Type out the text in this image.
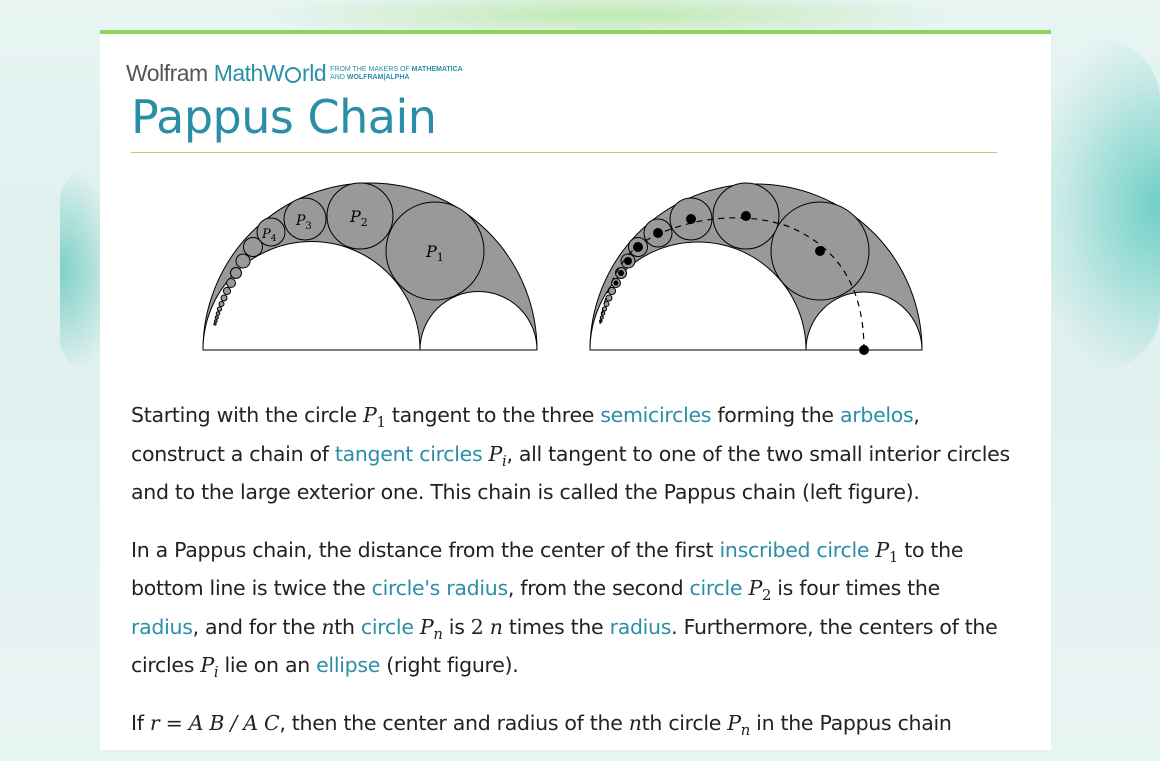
Wolfram MathW rld FROM THE MAKERS OF MATHEMATICA
AND WOLFRAM|ALPHA
Pappus Chain
$P_1$
$P_2$
$P_3$
$P_4$

Starting with the circle $P_1$ tangent to the three semicircles forming the arbelos, construct a chain of tangent circles $P_i$, all tangent to one of the two small interior circles and to the large exterior one. This chain is called the Pappus chain (left figure).

In a Pappus chain, the distance from the center of the first inscribed circle $P_1$ to the bottom line is twice the circle's radius, from the second circle $P_2$ is four times the radius, and for the nth circle $P_n$ is 2 n times the radius. Furthermore, the centers of the circles $P_i$ lie on an ellipse (right figure).

If r = A B / A C, then the center and radius of the nth circle $P_n$ in the Pappus chain
